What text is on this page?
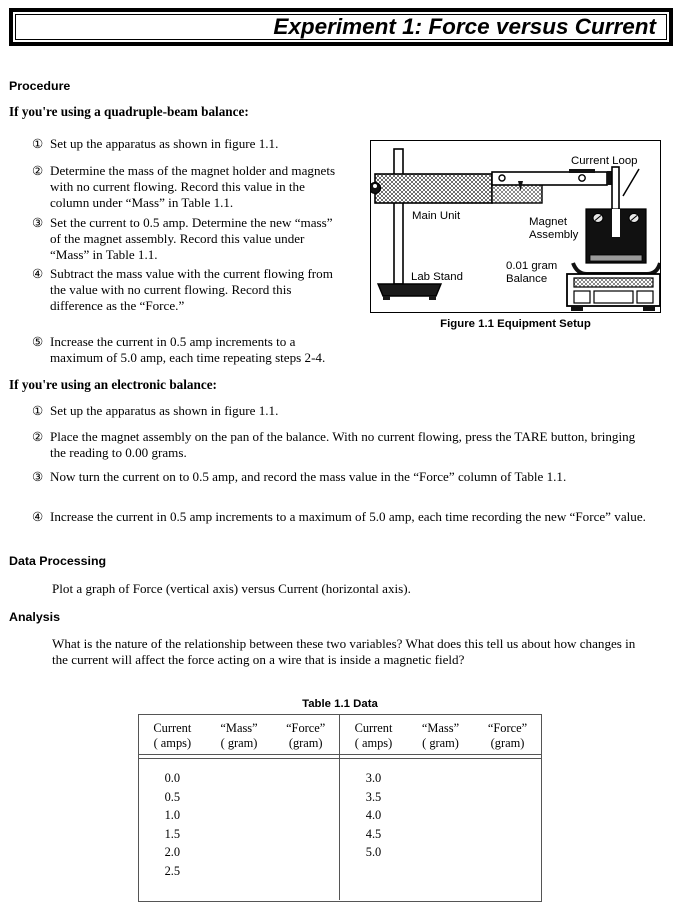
Experiment 1: Force versus Current
Procedure
If you're using a quadruple-beam balance:
① Set up the apparatus as shown in figure 1.1.
② Determine the mass of the magnet holder and magnets with no current flowing. Record this value in the column under “Mass” in Table 1.1.
③ Set the current to 0.5 amp. Determine the new “mass” of the magnet assembly. Record this value under “Mass” in Table 1.1.
④ Subtract the mass value with the current flowing from the value with no current flowing. Record this difference as the “Force.”
⑤ Increase the current in 0.5 amp increments to a maximum of 5.0 amp, each time repeating steps 2-4.
If you're using an electronic balance:
① Set up the apparatus as shown in figure 1.1.
② Place the magnet assembly on the pan of the balance. With no current flowing, press the TARE button, bringing the reading to 0.00 grams.
③ Now turn the current on to 0.5 amp, and record the mass value in the “Force” column of Table 1.1.
④ Increase the current in 0.5 amp increments to a maximum of 5.0 amp, each time recording the new “Force” value.
Data Processing
Plot a graph of Force (vertical axis) versus Current (horizontal axis).
Analysis
What is the nature of the relationship between these two variables? What does this tell us about how changes in the current will affect the force acting on a wire that is inside a magnetic field?
Current Loop
Main Unit	Magnet
Assembly
0.01 gram
Balance
Lab Stand
Figure 1.1 Equipment Setup
Table 1.1 Data
Current
( amps)
“Mass”
( gram)
“Force”
(gram)
Current
( amps)
“Mass”
( gram)
“Force”
(gram)
0.0
0.5
1.0
1.5
2.0
2.5

3.0
3.5
4.0
4.5
5.0
